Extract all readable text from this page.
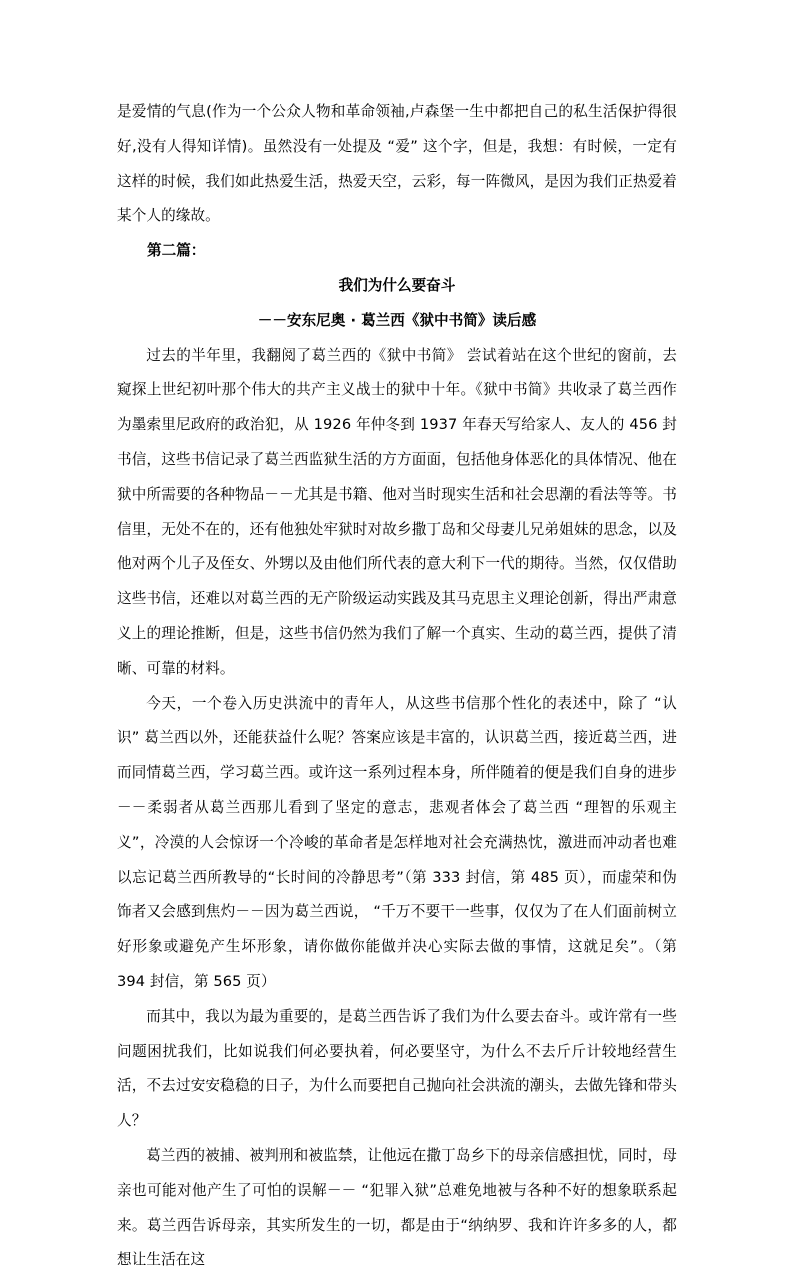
是爱情的气息(作为一个公众人物和革命领袖,卢森堡一生中都把自己的私生活保护得很好,没有人得知详情)。虽然没有一处提及 “爱” 这个字，但是，我想：有时候，一定有这样的时候，我们如此热爱生活，热爱天空，云彩，每一阵微风，是因为我们正热爱着某个人的缘故。

第二篇：

我们为什么要奋斗

－－安东尼奥 · 葛兰西《狱中书简》读后感

过去的半年里，我翻阅了葛兰西的《狱中书简》 尝试着站在这个世纪的窗前，去窥探上世纪初叶那个伟大的共产主义战士的狱中十年。《狱中书简》共收录了葛兰西作为墨索里尼政府的政治犯，从 1926 年仲冬到 1937 年春天写给家人、友人的 456 封书信，这些书信记录了葛兰西监狱生活的方方面面，包括他身体恶化的具体情况、他在狱中所需要的各种物品－－尤其是书籍、他对当时现实生活和社会思潮的看法等等。书信里，无处不在的，还有他独处牢狱时对故乡撒丁岛和父母妻儿兄弟姐妹的思念，以及他对两个儿子及侄女、外甥以及由他们所代表的意大利下一代的期待。当然，仅仅借助这些书信，还难以对葛兰西的无产阶级运动实践及其马克思主义理论创新，得出严肃意义上的理论推断，但是，这些书信仍然为我们了解一个真实、生动的葛兰西，提供了清晰、可靠的材料。

今天，一个卷入历史洪流中的青年人，从这些书信那个性化的表述中，除了 “认识” 葛兰西以外，还能获益什么呢？答案应该是丰富的，认识葛兰西，接近葛兰西，进而同情葛兰西，学习葛兰西。或许这一系列过程本身，所伴随着的便是我们自身的进步－－柔弱者从葛兰西那儿看到了坚定的意志，悲观者体会了葛兰西 “理智的乐观主义”，冷漠的人会惊讶一个冷峻的革命者是怎样地对社会充满热忱，激进而冲动者也难以忘记葛兰西所教导的“长时间的冷静思考”（第 333 封信，第 485 页），而虚荣和伪饰者又会感到焦灼－－因为葛兰西说， “千万不要干一些事，仅仅为了在人们面前树立好形象或避免产生坏形象，请你做你能做并决心实际去做的事情，这就足矣”。（第 394 封信，第 565 页）

而其中，我以为最为重要的，是葛兰西告诉了我们为什么要去奋斗。或许常有一些问题困扰我们，比如说我们何必要执着，何必要坚守，为什么不去斤斤计较地经营生活，不去过安安稳稳的日子，为什么而要把自己抛向社会洪流的潮头，去做先锋和带头人？

葛兰西的被捕、被判刑和被监禁，让他远在撒丁岛乡下的母亲信感担忧，同时，母亲也可能对他产生了可怕的误解－－ “犯罪入狱”总难免地被与各种不好的想象联系起来。葛兰西告诉母亲，其实所发生的一切，都是由于“纳纳罗、我和许许多多的人，都想让生活在这
